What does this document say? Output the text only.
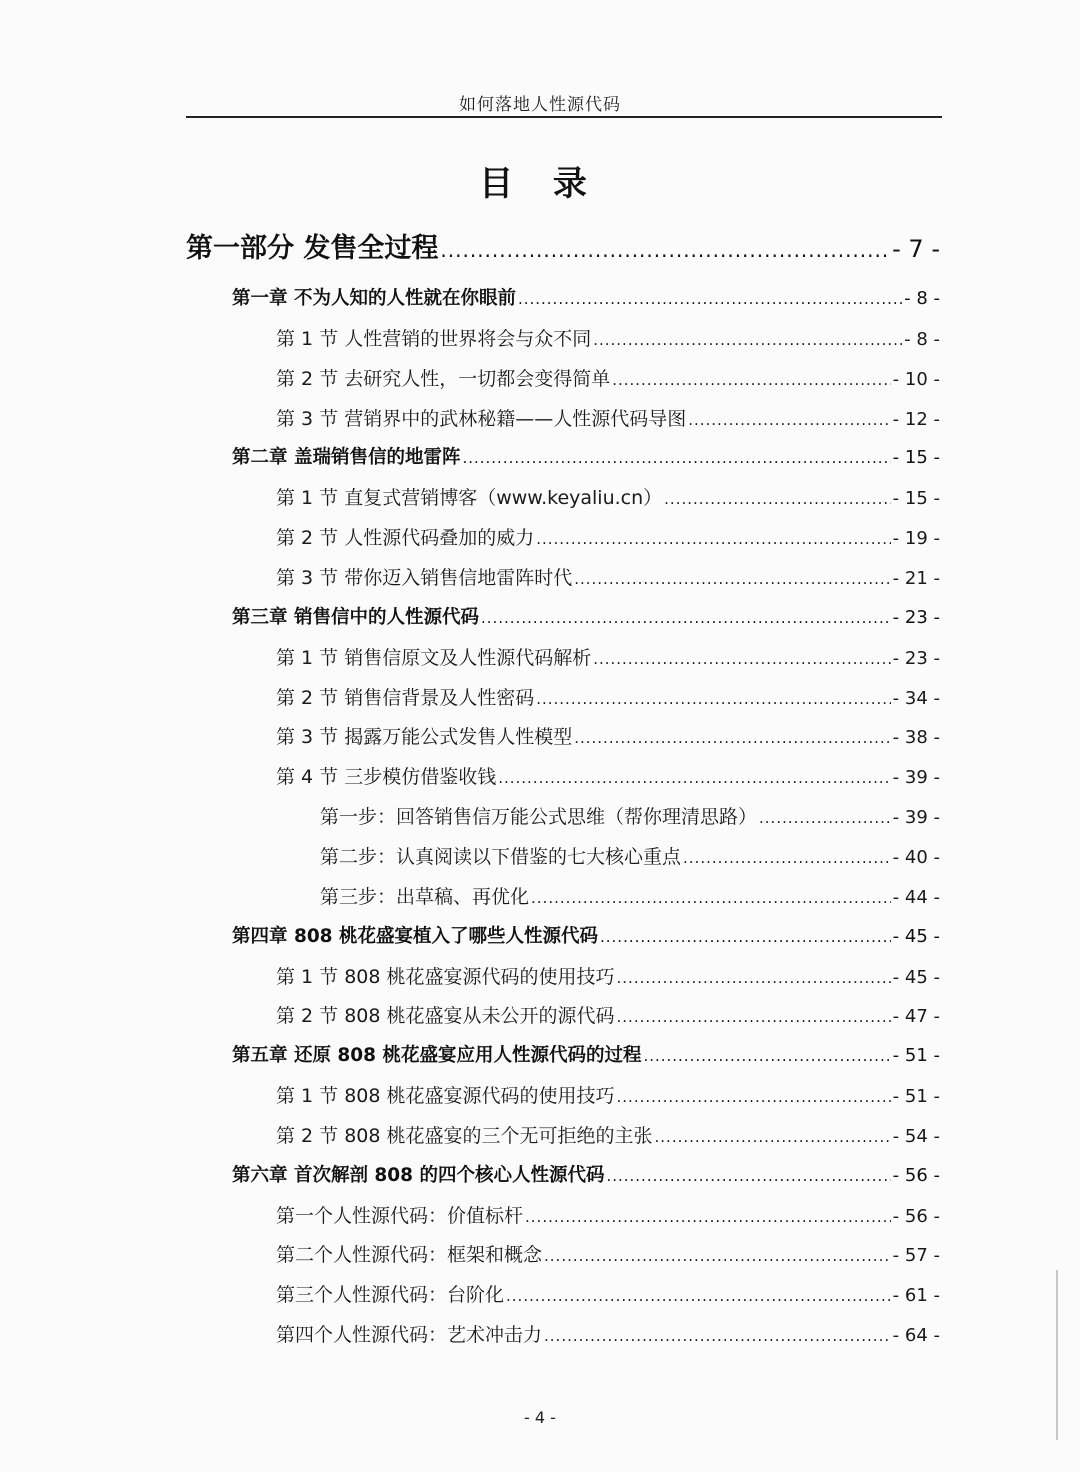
如何落地人性源代码
目 录
第一部分 发售全过程 .....	- 7 -
第一章 不为人知的人性就在你眼前 .....	- 8 -
第 1 节 人性营销的世界将会与众不同 .....	- 8 -
第 2 节 去研究人性，一切都会变得简单 .....	- 10 -
第 3 节 营销界中的武林秘籍——人性源代码导图 .....	- 12 -
第二章 盖瑞销售信的地雷阵 .....	- 15 -
第 1 节 直复式营销博客（www.keyaliu.cn） .....	- 15 -
第 2 节 人性源代码叠加的威力 .....	- 19 -
第 3 节 带你迈入销售信地雷阵时代 .....	- 21 -
第三章 销售信中的人性源代码 .....	- 23 -
第 1 节 销售信原文及人性源代码解析 .....	- 23 -
第 2 节 销售信背景及人性密码 .....	- 34 -
第 3 节 揭露万能公式发售人性模型 .....	- 38 -
第 4 节 三步模仿借鉴收钱 .....	- 39 -
第一步：回答销售信万能公式思维（帮你理清思路） .....	- 39 -
第二步：认真阅读以下借鉴的七大核心重点 .....	- 40 -
第三步：出草稿、再优化 .....	- 44 -
第四章 808 桃花盛宴植入了哪些人性源代码 .....	- 45 -
第 1 节 808 桃花盛宴源代码的使用技巧 .....	- 45 -
第 2 节 808 桃花盛宴从未公开的源代码 .....	- 47 -
第五章 还原 808 桃花盛宴应用人性源代码的过程 .....	- 51 -
第 1 节 808 桃花盛宴源代码的使用技巧 .....	- 51 -
第 2 节 808 桃花盛宴的三个无可拒绝的主张 .....	- 54 -
第六章 首次解剖 808 的四个核心人性源代码 .....	- 56 -
第一个人性源代码：价值标杆 .....	- 56 -
第二个人性源代码：框架和概念 .....	- 57 -
第三个人性源代码：台阶化 .....	- 61 -
第四个人性源代码：艺术冲击力 .....	- 64 -
- 4 -
